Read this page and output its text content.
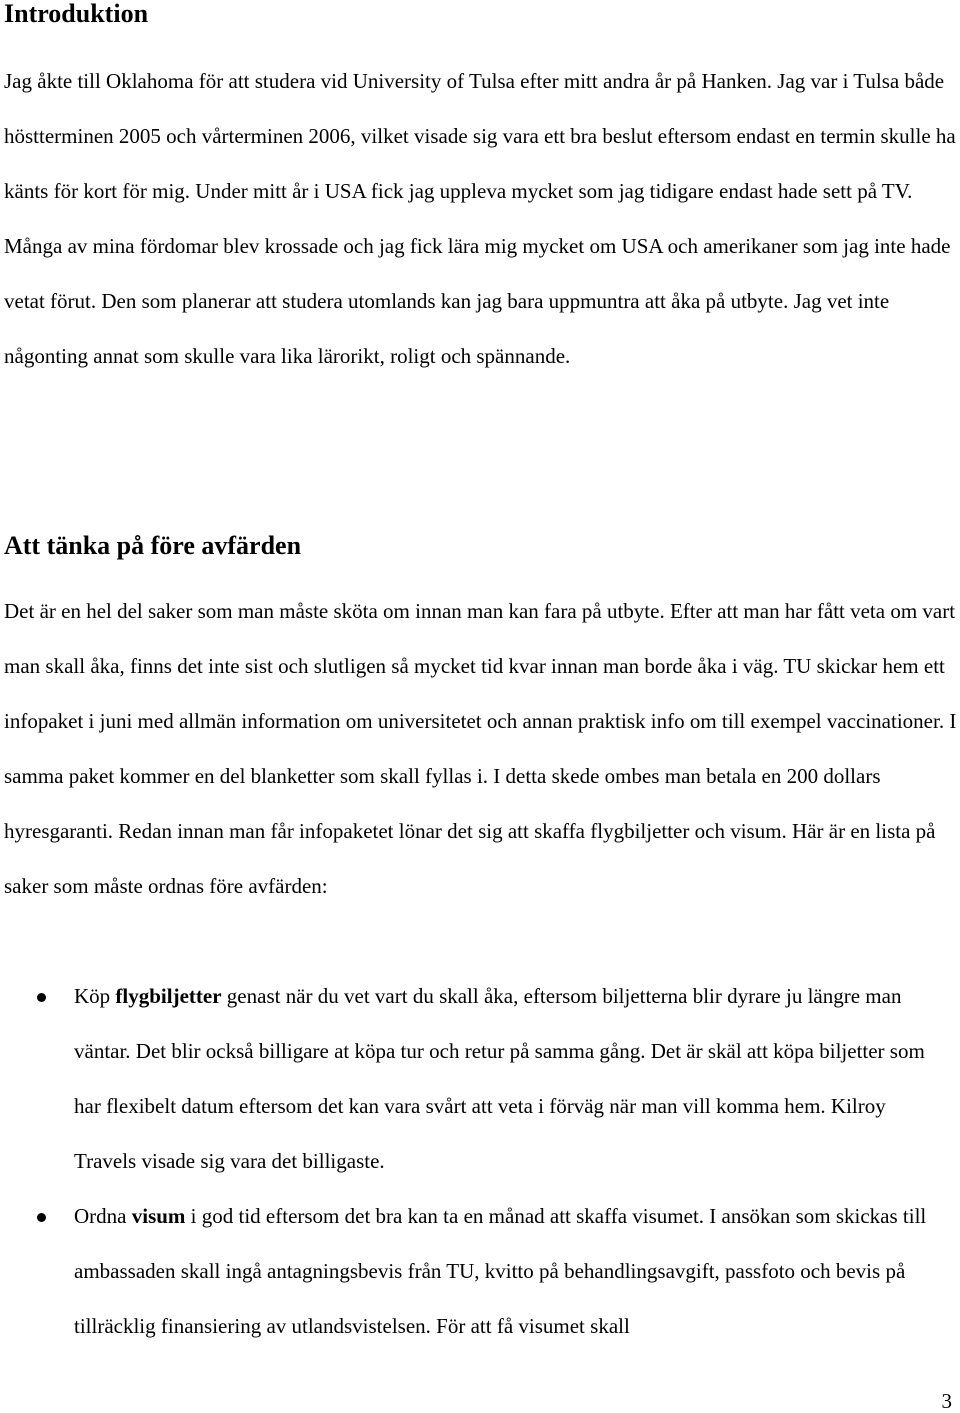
Introduktion

Jag åkte till Oklahoma för att studera vid University of Tulsa efter mitt andra år på Hanken. Jag var i Tulsa både höstterminen 2005 och vårterminen 2006, vilket visade sig vara ett bra beslut eftersom endast en termin skulle ha känts för kort för mig. Under mitt år i USA fick jag uppleva mycket som jag tidigare endast hade sett på TV. Många av mina fördomar blev krossade och jag fick lära mig mycket om USA och amerikaner som jag inte hade vetat förut. Den som planerar att studera utomlands kan jag bara uppmuntra att åka på utbyte. Jag vet inte någonting annat som skulle vara lika lärorikt, roligt och spännande.

Att tänka på före avfärden

Det är en hel del saker som man måste sköta om innan man kan fara på utbyte. Efter att man har fått veta om vart man skall åka, finns det inte sist och slutligen så mycket tid kvar innan man borde åka i väg. TU skickar hem ett infopaket i juni med allmän information om universitetet och annan praktisk info om till exempel vaccinationer. I samma paket kommer en del blanketter som skall fyllas i. I detta skede ombes man betala en 200 dollars hyresgaranti. Redan innan man får infopaketet lönar det sig att skaffa flygbiljetter och visum. Här är en lista på saker som måste ordnas före avfärden:

Köp flygbiljetter genast när du vet vart du skall åka, eftersom biljetterna blir dyrare ju längre man väntar. Det blir också billigare at köpa tur och retur på samma gång. Det är skäl att köpa biljetter som har flexibelt datum eftersom det kan vara svårt att veta i förväg när man vill komma hem. Kilroy Travels visade sig vara det billigaste.
Ordna visum i god tid eftersom det bra kan ta en månad att skaffa visumet. I ansökan som skickas till ambassaden skall ingå antagningsbevis från TU, kvitto på behandlingsavgift, passfoto och bevis på tillräcklig finansiering av utlandsvistelsen. För att få visumet skall
3
